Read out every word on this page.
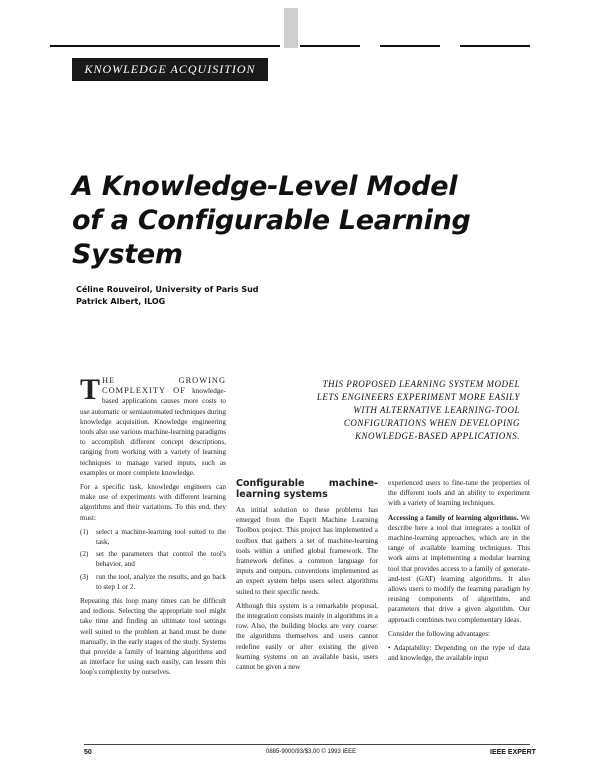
KNOWLEDGE ACQUISITION
A Knowledge-Level Model of a Configurable Learning System
Céline Rouveirol, University of Paris Sud
Patrick Albert, ILOG
THIS PROPOSED LEARNING SYSTEM MODEL LETS ENGINEERS EXPERIMENT MORE EASILY WITH ALTERNATIVE LEARNING-TOOL CONFIGURATIONS WHEN DEVELOPING KNOWLEDGE-BASED APPLICATIONS.

THE GROWING COMPLEXITY OF knowledge-based applications causes more costs to use automatic or semiautomated techniques during knowledge acquisition. Knowledge engineering tools also use various machine-learning paradigms to accomplish different concept descriptions, ranging from working with a variety of learning techniques to manage varied inputs, such as examples or more complete knowledge.

For a specific task, knowledge engineers can make use of experiments with different learning algorithms and their variations. To this end, they must:

(1)	select a machine-learning tool suited to the task,
(2)	set the parameters that control the tool's behavior, and
(3)	run the tool, analyze the results, and go back to step 1 or 2.

Repeating this loop many times can be difficult and tedious. Selecting the appropriate tool might take time and finding an ultimate tool settings well suited to the problem at hand must be done manually, in the early stages of the study. Systems that provide a family of learning algorithms and an interface for using each easily, can lessen this loop's complexity by ourselves.

Configurable machine-learning systems

An initial solution to these problems has emerged from the Esprit Machine Learning Toolbox project. This project has implemented a toolbox that gathers a set of machine-learning tools within a unified global framework. The framework defines a common language for inputs and outputs, conventions implemented as an expert system helps users select algorithms suited to their specific needs.

Although this system is a remarkable proposal, the integration consists mainly in algorithms in a row. Also, the building blocks are very coarse: the algorithms themselves and users cannot redefine easily or alter existing the given learning systems on an available basis, users cannot be given a new

experienced users to fine-tune the properties of the different tools and an ability to experiment with a variety of learning techniques.

Accessing a family of learning algorithms. We describe here a tool that integrates a toolkit of machine-learning approaches, which are in the range of available learning techniques. This work aims at implementing a modular learning tool that provides access to a family of generate-and-test (GAT) learning algorithms. It also allows users to modify the learning paradigm by reusing components of algorithms, and parameters that drive a given algorithm. Our approach combines two complementary ideas.

Consider the following advantages:

• Adaptability: Depending on the type of data and knowledge, the available input

50	0885-9000/93/$3.00 © 1993 IEEE	IEEE EXPERT
